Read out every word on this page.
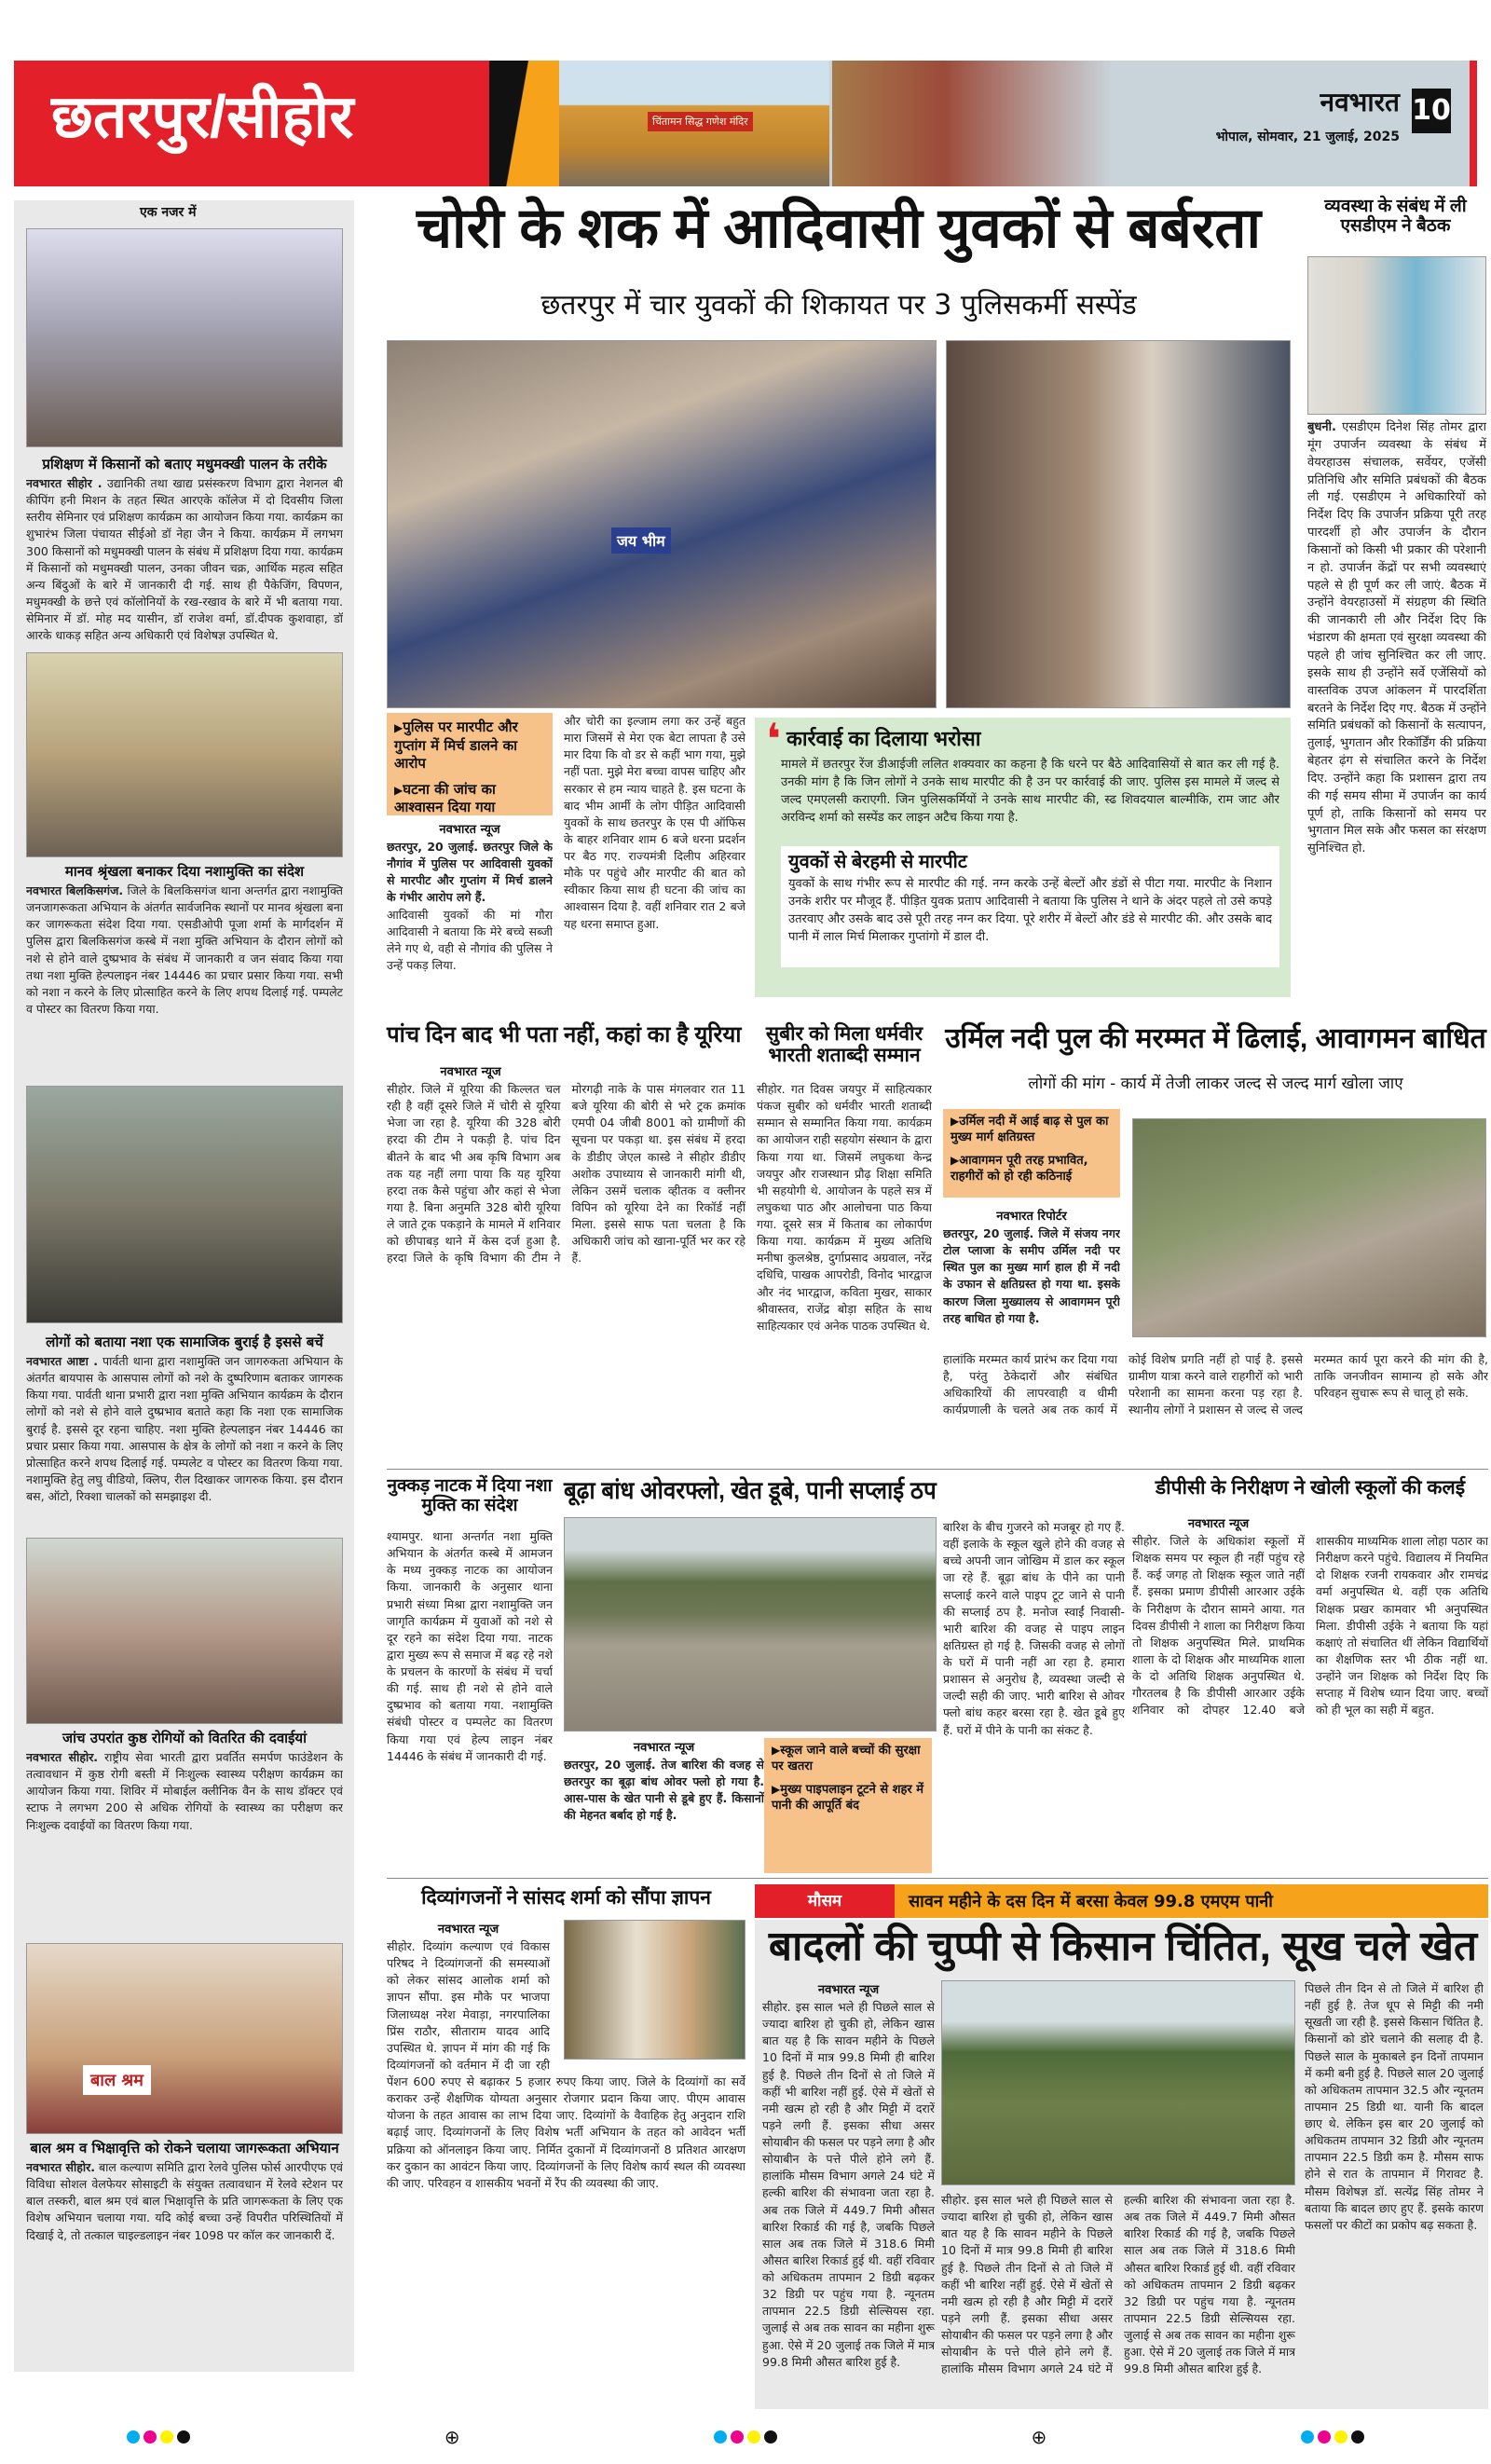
छतरपुर/सीहोर	चिंतामन सिद्ध गणेश मंदिर
नवभारत 10
भोपाल, सोमवार, 21 जुलाई, 2025
एक नजर में
प्रशिक्षण में किसानों को बताए मधुमक्खी पालन के तरीके
नवभारत सीहोर . उद्यानिकी तथा खाद्य प्रसंस्करण विभाग द्वारा नेशनल बी कीपिंग हनी मिशन के तहत स्थित आरएके कॉलेज में दो दिवसीय जिला स्तरीय सेमिनार एवं प्रशिक्षण कार्यक्रम का आयोजन किया गया. कार्यक्रम का शुभारंभ जिला पंचायत सीईओ डॉ नेहा जैन ने किया. कार्यक्रम में लगभग 300 किसानों को मधुमक्खी पालन के संबंध में प्रशिक्षण दिया गया. कार्यक्रम में किसानों को मधुमक्खी पालन, उनका जीवन चक्र, आर्थिक महत्व सहित अन्य बिंदुओं के बारे में जानकारी दी गई. साथ ही पैकेजिंग, विपणन, मधुमक्खी के छत्ते एवं कॉलोनियों के रख-रखाव के बारे में भी बताया गया. सेमिनार में डॉ. मोह मद यासीन, डॉ राजेश वर्मा, डॉ.दीपक कुशवाहा, डॉ आरके धाकड़ सहित अन्य अधिकारी एवं विशेषज्ञ उपस्थित थे.
मानव श्रृंखला बनाकर दिया नशामुक्ति का संदेश
नवभारत बिलकिसगंज. जिले के बिलकिसगंज थाना अन्तर्गत द्वारा नशामुक्ति जनजागरूकता अभियान के अंतर्गत सार्वजनिक स्थानों पर मानव श्रृंखला बना कर जागरूकता संदेश दिया गया. एसडीओपी पूजा शर्मा के मार्गदर्शन में पुलिस द्वारा बिलकिसगंज कस्बे में नशा मुक्ति अभियान के दौरान लोगों को नशे से होने वाले दुष्प्रभाव के संबंध में जानकारी व जन संवाद किया गया तथा नशा मुक्ति हेल्पलाइन नंबर 14446 का प्रचार प्रसार किया गया. सभी को नशा न करने के लिए प्रोत्साहित करने के लिए शपथ दिलाई गई. पम्पलेट व पोस्टर का वितरण किया गया.
लोगों को बताया नशा एक सामाजिक बुराई है इससे बचें
नवभारत आष्टा . पार्वती थाना द्वारा नशामुक्ति जन जागरुकता अभियान के अंतर्गत बायपास के आसपास लोगों को नशे के दुष्परिणाम बताकर जागरुक किया गया. पार्वती थाना प्रभारी द्वारा नशा मुक्ति अभियान कार्यक्रम के दौरान लोगों को नशे से होने वाले दुष्प्रभाव बताते कहा कि नशा एक सामाजिक बुराई है. इससे दूर रहना चाहिए. नशा मुक्ति हेल्पलाइन नंबर 14446 का प्रचार प्रसार किया गया. आसपास के क्षेत्र के लोगों को नशा न करने के लिए प्रोत्साहित करने शपथ दिलाई गई. पम्पलेट व पोस्टर का वितरण किया गया. नशामुक्ति हेतु लघु वीडियो, क्लिप, रील दिखाकर जागरुक किया. इस दौरान बस, ऑटो, रिक्शा चालकों को समझाइश दी.
जांच उपरांत कुष्ठ रोगियों को वितरित की दवाईयां
नवभारत सीहोर. राष्ट्रीय सेवा भारती द्वारा प्रवर्तित समर्पण फाउंडेशन के तत्वावधान में कुष्ठ रोगी बस्ती में निःशुल्क स्वास्थ्य परीक्षण कार्यक्रम का आयोजन किया गया. शिविर में मोबाईल क्लीनिक वैन के साथ डॉक्टर एवं स्टाफ ने लगभग 200 से अधिक रोगियों के स्वास्थ्य का परीक्षण कर निःशुल्क दवाईयों का वितरण किया गया.
बाल श्रम
बाल श्रम व भिक्षावृत्ति को रोकने चलाया जागरूकता अभियान
नवभारत सीहोर. बाल कल्याण समिति द्वारा रेलवे पुलिस फोर्स आरपीएफ एवं विविधा सोशल वेलफेयर सोसाइटी के संयुक्त तत्वावधान में रेलवे स्टेशन पर बाल तस्करी, बाल श्रम एवं बाल भिक्षावृत्ति के प्रति जागरूकता के लिए एक विशेष अभियान चलाया गया. यदि कोई बच्चा उन्हें विपरीत परिस्थितियों में दिखाई दे, तो तत्काल चाइल्डलाइन नंबर 1098 पर कॉल कर जानकारी दें.
चोरी के शक में आदिवासी युवकों से बर्बरता
छतरपुर में चार युवकों की शिकायत पर 3 पुलिसकर्मी सस्पेंड
जय भीम
▶ पुलिस पर मारपीट और गुप्तांग में मिर्च डालने का आरोप
▶ घटना की जांच का आश्वासन दिया गया
नवभारत न्यूज
छतरपुर, 20 जुलाई. छतरपुर जिले के नौगांव में पुलिस पर आदिवासी युवकों से मारपीट और गुप्तांग में मिर्च डालने के गंभीर आरोप लगे हैं.
आदिवासी युवकों की मां गौरा आदिवासी ने बताया कि मेरे बच्चे सब्जी लेने गए थे, वही से नौगांव की पुलिस ने उन्हें पकड़ लिया.
और चोरी का इल्जाम लगा कर उन्हें बहुत मारा जिसमें से मेरा एक बेटा लापता है उसे मार दिया कि वो डर से कहीं भाग गया, मुझे नहीं पता. मुझे मेरा बच्चा वापस चाहिए और सरकार से हम न्याय चाहते है. इस घटना के बाद भीम आर्मी के लोग पीड़ित आदिवासी युवकों के साथ छतरपुर के एस पी ऑफिस के बाहर शनिवार शाम 6 बजे धरना प्रदर्शन पर बैठ गए. राज्यमंत्री दिलीप अहिरवार मौके पर पहुंचे और मारपीट की बात को स्वीकार किया साथ ही घटना की जांच का आश्वासन दिया है. वहीं शनिवार रात 2 बजे यह धरना समाप्त हुआ.
❛ कार्रवाई का दिलाया भरोसा
मामले में छतरपुर रेंज डीआईजी ललित शक्यवार का कहना है कि धरने पर बैठे आदिवासियों से बात कर ली गई है. उनकी मांग है कि जिन लोगों ने उनके साथ मारपीट की है उन पर कार्रवाई की जाए. पुलिस इस मामले में जल्द से जल्द एमएलसी कराएगी. जिन पुलिसकर्मियों ने उनके साथ मारपीट की, स्ढ शिवदयाल बाल्मीकि, राम जाट और अरविन्द शर्मा को सस्पेंड कर लाइन अटैच किया गया है.
युवकों से बेरहमी से मारपीट
युवकों के साथ गंभीर रूप से मारपीट की गई. नग्न करके उन्हें बेल्टों और डंडों से पीटा गया. मारपीट के निशान उनके शरीर पर मौजूद हैं. पीड़ित युवक प्रताप आदिवासी ने बताया कि पुलिस ने थाने के अंदर पहले तो उसे कपड़े उतरवाए और उसके बाद उसे पूरी तरह नग्न कर दिया. पूरे शरीर में बेल्टों और डंडे से मारपीट की. और उसके बाद पानी में लाल मिर्च मिलाकर गुप्तांगो में डाल दी.
व्यवस्था के संबंध में ली एसडीएम ने बैठक
बुधनी. एसडीएम दिनेश सिंह तोमर द्वारा मूंग उपार्जन व्यवस्था के संबंध में वेयरहाउस संचालक, सर्वेयर, एजेंसी प्रतिनिधि और समिति प्रबंधकों की बैठक ली गई. एसडीएम ने अधिकारियों को निर्देश दिए कि उपार्जन प्रक्रिया पूरी तरह पारदर्शी हो और उपार्जन के दौरान किसानों को किसी भी प्रकार की परेशानी न हो. उपार्जन केंद्रों पर सभी व्यवस्थाएं पहले से ही पूर्ण कर ली जाएं. बैठक में उन्होंने वेयरहाउसों में संग्रहण की स्थिति की जानकारी ली और निर्देश दिए कि भंडारण की क्षमता एवं सुरक्षा व्यवस्था की पहले ही जांच सुनिश्चित कर ली जाए. इसके साथ ही उन्होंने सर्वे एजेंसियों को वास्तविक उपज आंकलन में पारदर्शिता बरतने के निर्देश दिए गए. बैठक में उन्होंने समिति प्रबंधकों को किसानों के सत्यापन, तुलाई, भुगतान और रिकॉर्डिंग की प्रक्रिया बेहतर ढ़ंग से संचालित करने के निर्देश दिए. उन्होंने कहा कि प्रशासन द्वारा तय की गई समय सीमा में उपार्जन का कार्य पूर्ण हो, ताकि किसानों को समय पर भुगतान मिल सके और फसल का संरक्षण सुनिश्चित हो.
पांच दिन बाद भी पता नहीं, कहां का है यूरिया
नवभारत न्यूज
सीहोर. जिले में यूरिया की किल्लत चल रही है वहीं दूसरे जिले में चोरी से यूरिया भेजा जा रहा है. यूरिया की 328 बोरी हरदा की टीम ने पकड़ी है. पांच दिन बीतने के बाद भी अब कृषि विभाग अब तक यह नहीं लगा पाया कि यह यूरिया हरदा तक कैसे पहुंचा और कहां से भेजा गया है. बिना अनुमति 328 बोरी यूरिया ले जाते ट्रक पकड़ाने के मामले में शनिवार को छीपाबड़ थाने में केस दर्ज हुआ है. हरदा जिले के कृषि विभाग की टीम ने मोरगढ़ी नाके के पास मंगलवार रात 11 बजे यूरिया की बोरी से भरे ट्रक क्रमांक एमपी 04 जीबी 8001 को ग्रामीणों की सूचना पर पकड़ा था. इस संबंध में हरदा के डीडीए जेएल कास्डे ने सीहोर डीडीए अशोक उपाध्याय से जानकारी मांगी थी, लेकिन उसमें चलाक व्हीतक व क्लीनर विपिन को यूरिया देने का रिकॉर्ड नहीं मिला. इससे साफ पता चलता है कि अधिकारी जांच को खाना-पूर्ति भर कर रहे हैं.
सुबीर को मिला धर्मवीर भारती शताब्दी सम्मान
सीहोर. गत दिवस जयपुर में साहित्यकार पंकज सुबीर को धर्मवीर भारती शताब्दी सम्मान से सम्मानित किया गया. कार्यक्रम का आयोजन राही सहयोग संस्थान के द्वारा किया गया था. जिसमें लघुकथा केन्द्र जयपुर और राजस्थान प्रौढ़ शिक्षा समिति भी सहयोगी थे. आयोजन के पहले सत्र में लघुकथा पाठ और आलोचना पाठ किया गया. दूसरे सत्र में किताब का लोकार्पण किया गया. कार्यक्रम में मुख्य अतिथि मनीषा कुलश्रेष्ठ, दुर्गाप्रसाद अग्रवाल, नरेंद्र दधिचि, पाखक आपरोडी, विनोद भारद्वाज और नंद भारद्वाज, कविता मुखर, साकार श्रीवास्तव, राजेंद्र बोड़ा सहित के साथ साहित्यकार एवं अनेक पाठक उपस्थित थे.
उर्मिल नदी पुल की मरम्मत में ढिलाई, आवागमन बाधित
लोगों की मांग - कार्य में तेजी लाकर जल्द से जल्द मार्ग खोला जाए
▶ उर्मिल नदी में आई बाढ़ से पुल का मुख्य मार्ग क्षतिग्रस्त
▶ आवागमन पूरी तरह प्रभावित, राहगीरों को हो रही कठिनाई
नवभारत रिपोर्टर
छतरपुर, 20 जुलाई. जिले में संजय नगर टोल प्लाजा के समीप उर्मिल नदी पर स्थित पुल का मुख्य मार्ग हाल ही में नदी के उफान से क्षतिग्रस्त हो गया था. इसके कारण जिला मुख्यालय से आवागमन पूरी तरह बाधित हो गया है.
हालांकि मरम्मत कार्य प्रारंभ कर दिया गया है, परंतु ठेकेदारों और संबंधित अधिकारियों की लापरवाही व धीमी कार्यप्रणाली के चलते अब तक कार्य में कोई विशेष प्रगति नहीं हो पाई है. इससे ग्रामीण यात्रा करने वाले राहगीरों को भारी परेशानी का सामना करना पड़ रहा है. स्थानीय लोगों ने प्रशासन से जल्द से जल्द मरम्मत कार्य पूरा करने की मांग की है, ताकि जनजीवन सामान्य हो सके और परिवहन सुचारू रूप से चालू हो सके.
नुक्कड़ नाटक में दिया नशा मुक्ति का संदेश
श्यामपुर. थाना अन्तर्गत नशा मुक्ति अभियान के अंतर्गत कस्बे में आमजन के मध्य नुक्कड़ नाटक का आयोजन किया. जानकारी के अनुसार थाना प्रभारी संध्या मिश्रा द्वारा नशामुक्ति जन जागृति कार्यक्रम में युवाओं को नशे से दूर रहने का संदेश दिया गया. नाटक द्वारा मुख्य रूप से समाज में बढ़ रहे नशे के प्रचलन के कारणों के संबंध में चर्चा की गई. साथ ही नशे से होने वाले दुष्प्रभाव को बताया गया. नशामुक्ति संबंधी पोस्टर व पम्पलेट का वितरण किया गया एवं हेल्प लाइन नंबर 14446 के संबंध में जानकारी दी गई.
बूढ़ा बांध ओवरफ्लो, खेत डूबे, पानी सप्लाई ठप
नवभारत न्यूज
छतरपुर, 20 जुलाई. तेज बारिश की वजह से छतरपुर का बूढ़ा बांध ओवर फ्लो हो गया है. आस-पास के खेत पानी से डूबे हुए हैं. किसानों की मेहनत बर्बाद हो गई है.
▶ स्कूल जाने वाले बच्चों की सुरक्षा पर खतरा
▶ मुख्य पाइपलाइन टूटने से शहर में पानी की आपूर्ति बंद
बारिश के बीच गुजरने को मजबूर हो गए हैं. वहीं इलाके के स्कूल खुले होने की वजह से बच्चे अपनी जान जोखिम में डाल कर स्कूल जा रहे हैं. बूढ़ा बांध के पीने का पानी सप्लाई करने वाले पाइप टूट जाने से पानी की सप्लाई ठप है. मनोज स्वाईं निवासी- भारी बारिश की वजह से पाइप लाइन क्षतिग्रस्त हो गई है. जिसकी वजह से लोगों के घरों में पानी नहीं आ रहा है. हमारा प्रशासन से अनुरोध है, व्यवस्था जल्दी से जल्दी सही की जाए. भारी बारिश से ओवर फ्लो बांध कहर बरसा रहा है. खेत डूबे हुए हैं. घरों में पीने के पानी का संकट है.
डीपीसी के निरीक्षण ने खोली स्कूलों की कलई
नवभारत न्यूज
सीहोर. जिले के अधिकांश स्कूलों में शिक्षक समय पर स्कूल ही नहीं पहुंच रहे हैं. कई जगह तो शिक्षक स्कूल जाते नहीं हैं. इसका प्रमाण डीपीसी आरआर उईके के निरीक्षण के दौरान सामने आया. गत दिवस डीपीसी ने शाला का निरीक्षण किया तो शिक्षक अनुपस्थित मिले. प्राथमिक शाला के दो शिक्षक और माध्यमिक शाला के दो अतिथि शिक्षक अनुपस्थित थे. गौरतलब है कि डीपीसी आरआर उईके शनिवार को दोपहर 12.40 बजे शासकीय माध्यमिक शाला लोहा पठार का निरीक्षण करने पहुंचे. विद्यालय में नियमित दो शिक्षक रजनी रायकवार और रामचंद्र वर्मा अनुपस्थित थे. वहीं एक अतिथि शिक्षक प्रखर कामवार भी अनुपस्थित मिला. डीपीसी उईके ने बताया कि यहां कक्षाएं तो संचालित थीं लेकिन विद्यार्थियों का शैक्षणिक स्तर भी ठीक नहीं था. उन्होंने जन शिक्षक को निर्देश दिए कि सप्ताह में विशेष ध्यान दिया जाए. बच्चों को ही भूल का सही में बहुत.
दिव्यांगजनों ने सांसद शर्मा को सौंपा ज्ञापन
नवभारत न्यूज
सीहोर. दिव्यांग कल्याण एवं विकास परिषद ने दिव्यांगजनों की समस्याओं को लेकर सांसद आलोक शर्मा को ज्ञापन सौंपा. इस मौके पर भाजपा जिलाध्यक्ष नरेश मेवाड़ा, नगरपालिका प्रिंस राठौर, सीताराम यादव आदि उपस्थित थे. ज्ञापन में मांग की गई कि दिव्यांगजनों को वर्तमान में दी जा रही पेंशन 600 रुपए से बढ़ाकर 5 हजार रुपए किया जाए. जिले के दिव्यांगों का सर्वे कराकर उन्हें शैक्षणिक योग्यता अनुसार रोजगार प्रदान किया जाए. पीएम आवास योजना के तहत आवास का लाभ दिया जाए. दिव्यांगों के वैवाहिक हेतु अनुदान राशि बढ़ाई जाए. दिव्यांगजनों के लिए विशेष भर्ती अभियान के तहत को आवेदन भर्ती प्रक्रिया को ऑनलाइन किया जाए. निर्मित दुकानों में दिव्यांगजनों 8 प्रतिशत आरक्षण कर दुकान का आवंटन किया जाए. दिव्यांगजनों के लिए विशेष कार्य स्थल की व्यवस्था की जाए. परिवहन व शासकीय भवनों में रैंप की व्यवस्था की जाए.
मौसम	सावन महीने के दस दिन में बरसा केवल 99.8 एमएम पानी
बादलों की चुप्पी से किसान चिंतित, सूख चले खेत
नवभारत न्यूज
सीहोर. इस साल भले ही पिछले साल से ज्यादा बारिश हो चुकी हो, लेकिन खास बात यह है कि सावन महीने के पिछले 10 दिनों में मात्र 99.8 मिमी ही बारिश हुई है. पिछले तीन दिनों से तो जिले में कहीं भी बारिश नहीं हुई. ऐसे में खेतों से नमी खत्म हो रही है और मिट्टी में दरारें पड़ने लगी हैं. इसका सीधा असर सोयाबीन की फसल पर पड़ने लगा है और सोयाबीन के पत्ते पीले होने लगे हैं. हालांकि मौसम विभाग अगले 24 घंटे में हल्की बारिश की संभावना जता रहा है. अब तक जिले में 449.7 मिमी औसत बारिश रिकार्ड की गई है, जबकि पिछले साल अब तक जिले में 318.6 मिमी औसत बारिश रिकार्ड हुई थी. वहीं रविवार को अधिकतम तापमान 2 डिग्री बढ़कर 32 डिग्री पर पहुंच गया है. न्यूनतम तापमान 22.5 डिग्री सेल्सियस रहा. जुलाई से अब तक सावन का महीना शुरू हुआ. ऐसे में 20 जुलाई तक जिले में मात्र 99.8 मिमी औसत बारिश हुई है.
पिछले तीन दिन से तो जिले में बारिश ही नहीं हुई है. तेज धूप से मिट्टी की नमी सूखती जा रही है. इससे किसान चिंतित है. किसानों को डोरे चलाने की सलाह दी है. पिछले साल के मुकाबले इन दिनों तापमान में कमी बनी हुई है. पिछले साल 20 जुलाई को अधिकतम तापमान 32.5 और न्यूनतम तापमान 25 डिग्री था. यानी कि बादल छाए थे. लेकिन इस बार 20 जुलाई को अधिकतम तापमान 32 डिग्री और न्यूनतम तापमान 22.5 डिग्री कम है. मौसम साफ होने से रात के तापमान में गिरावट है. मौसम विशेषज्ञ डॉ. सत्येंद्र सिंह तोमर ने बताया कि बादल छाए हुए हैं. इसके कारण फसलों पर कीटों का प्रकोप बढ़ सकता है.
सीहोर. इस साल भले ही पिछले साल से ज्यादा बारिश हो चुकी हो, लेकिन खास बात यह है कि सावन महीने के पिछले 10 दिनों में मात्र 99.8 मिमी ही बारिश हुई है. पिछले तीन दिनों से तो जिले में कहीं भी बारिश नहीं हुई. ऐसे में खेतों से नमी खत्म हो रही है और मिट्टी में दरारें पड़ने लगी हैं. इसका सीधा असर सोयाबीन की फसल पर पड़ने लगा है और सोयाबीन के पत्ते पीले होने लगे हैं. हालांकि मौसम विभाग अगले 24 घंटे में हल्की बारिश की संभावना जता रहा है. अब तक जिले में 449.7 मिमी औसत बारिश रिकार्ड की गई है, जबकि पिछले साल अब तक जिले में 318.6 मिमी औसत बारिश रिकार्ड हुई थी. वहीं रविवार को अधिकतम तापमान 2 डिग्री बढ़कर 32 डिग्री पर पहुंच गया है. न्यूनतम तापमान 22.5 डिग्री सेल्सियस रहा. जुलाई से अब तक सावन का महीना शुरू हुआ. ऐसे में 20 जुलाई तक जिले में मात्र 99.8 मिमी औसत बारिश हुई है.
⊕	⊕
